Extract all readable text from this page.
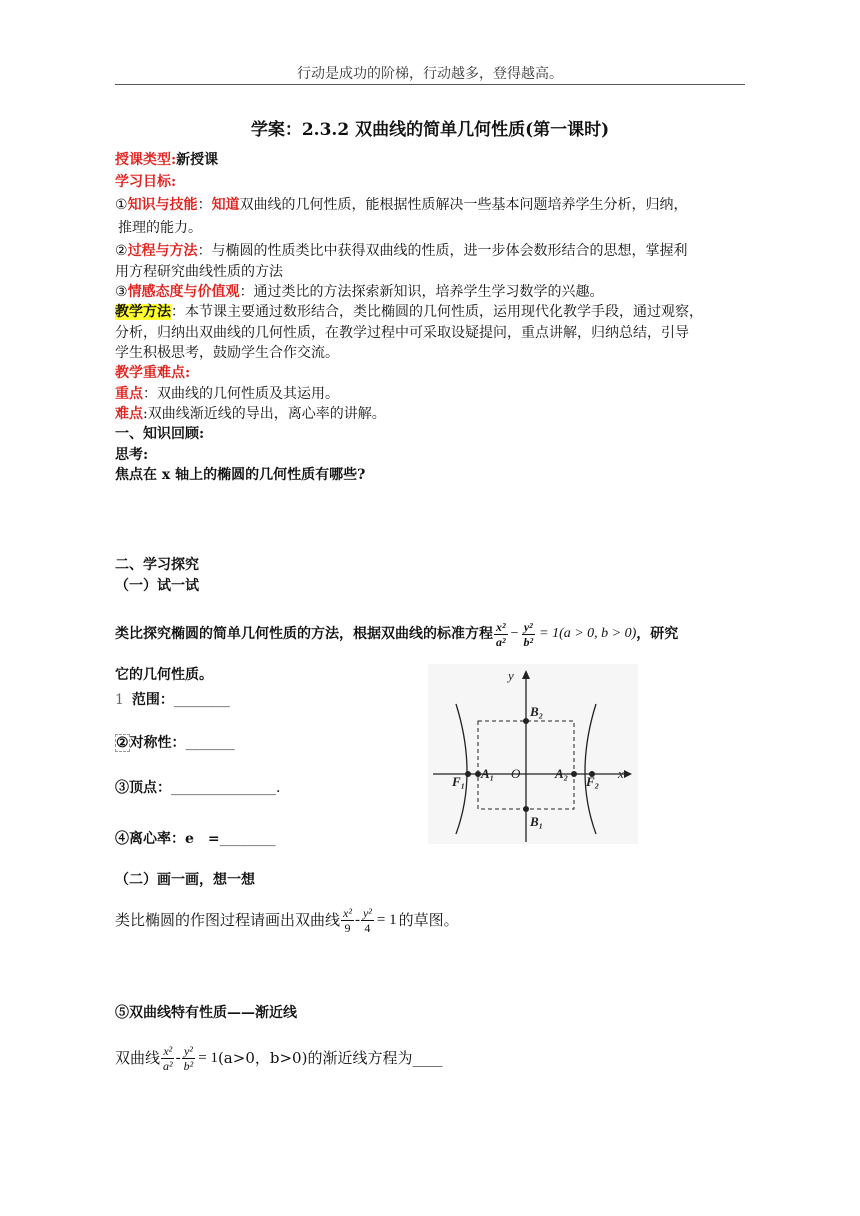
行动是成功的阶梯，行动越多，登得越高。
学案：2.3.2 双曲线的简单几何性质(第一课时)
授课类型:新授课
学习目标:
①知识与技能：知道双曲线的几何性质，能根据性质解决一些基本问题培养学生分析，归纳，
推理的能力。
②过程与方法：与椭圆的性质类比中获得双曲线的性质，进一步体会数形结合的思想，掌握利
用方程研究曲线性质的方法
③情感态度与价值观：通过类比的方法探索新知识，培养学生学习数学的兴趣。
教学方法：本节课主要通过数形结合，类比椭圆的几何性质，运用现代化教学手段，通过观察，
分析，归纳出双曲线的几何性质，在教学过程中可采取设疑提问，重点讲解，归纳总结，引导
学生积极思考，鼓励学生合作交流。
教学重难点:
重点：双曲线的几何性质及其运用。
难点:双曲线渐近线的导出，离心率的讲解。
一、知识回顾:
思考:
焦点在 x 轴上的椭圆的几何性质有哪些?
二、学习探究
（一）试一试
类比探究椭圆的简单几何性质的方法，根据双曲线的标准方程 $\frac{\text{x²}}{\text{a²}} - \frac{\text{y²}}{\text{b²}} = 1(a > 0$, b > 0) ，研究
它的几何性质。
1 范围：________
②对称性：_______
③顶点：_______________.
④离心率：e　=________
y
x
O
B₂
B₁
A₁	A₂
F₁	F₂
（二）画一画，想一想
类比椭圆的作图过程请画出双曲线 $\frac{\text{x²}}{9} - \frac{\text{y²}}{4} = 1$ 的草图。
⑤双曲线特有性质——渐近线
双曲线 $\frac{\text{x²}}{\text{a²}} - \frac{\text{y²}}{\text{b²}} = 1$ (a>0，b>0) 的渐近线方程为 ____
